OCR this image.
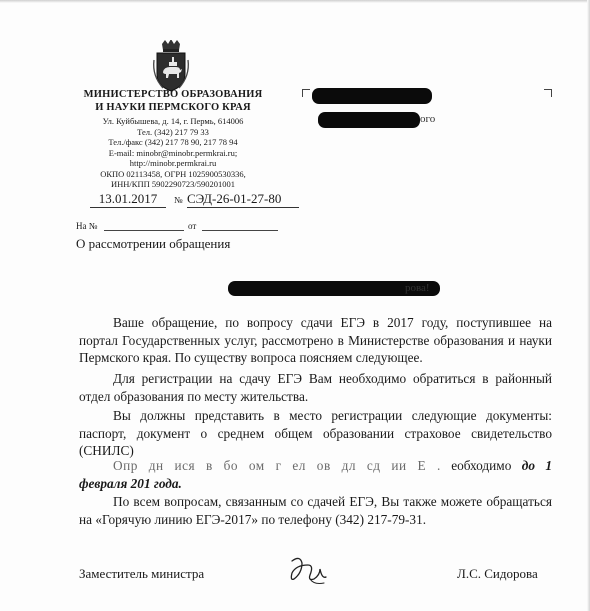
МИНИСТЕРСТВО ОБРАЗОВАНИЯ
И НАУКИ ПЕРМСКОГО КРАЯ
Ул. Куйбышева, д. 14, г. Пермь, 614006
Тел. (342) 217 79 33
Тел./факс (342) 217 78 90, 217 78 94
E-mail: minobr@minobr.permkrai.ru;
http://minobr.permkrai.ru
ОКПО 02113458, ОГРН 1025900530336,
ИНН/КПП 5902290723/590201001
13.01.2017	№ СЭД-26-01-27-80
На №	от
О рассмотрении обращения
ого
рова!
Ваше обращение, по вопросу сдачи ЕГЭ в 2017 году, поступившее на
портал Государственных услуг, рассмотрено в Министерстве образования и науки
Пермского края. По существу вопроса поясняем следующее.
Для регистрации на сдачу ЕГЭ Вам необходимо обратиться в районный
отдел образования по месту жительства.
Вы должны представить в место регистрации следующие документы:
паспорт, документ о среднем общем образовании страховое свидетельство
(СНИЛС)
Опр дн ися в бо ом г ел ов дл сд ии Е . еобходимо до 1
февраля 201 года.
По всем вопросам, связанным со сдачей ЕГЭ, Вы также можете обращаться
на «Горячую линию ЕГЭ-2017» по телефону (342) 217-79-31.
Заместитель министра	Л.С. Сидорова
